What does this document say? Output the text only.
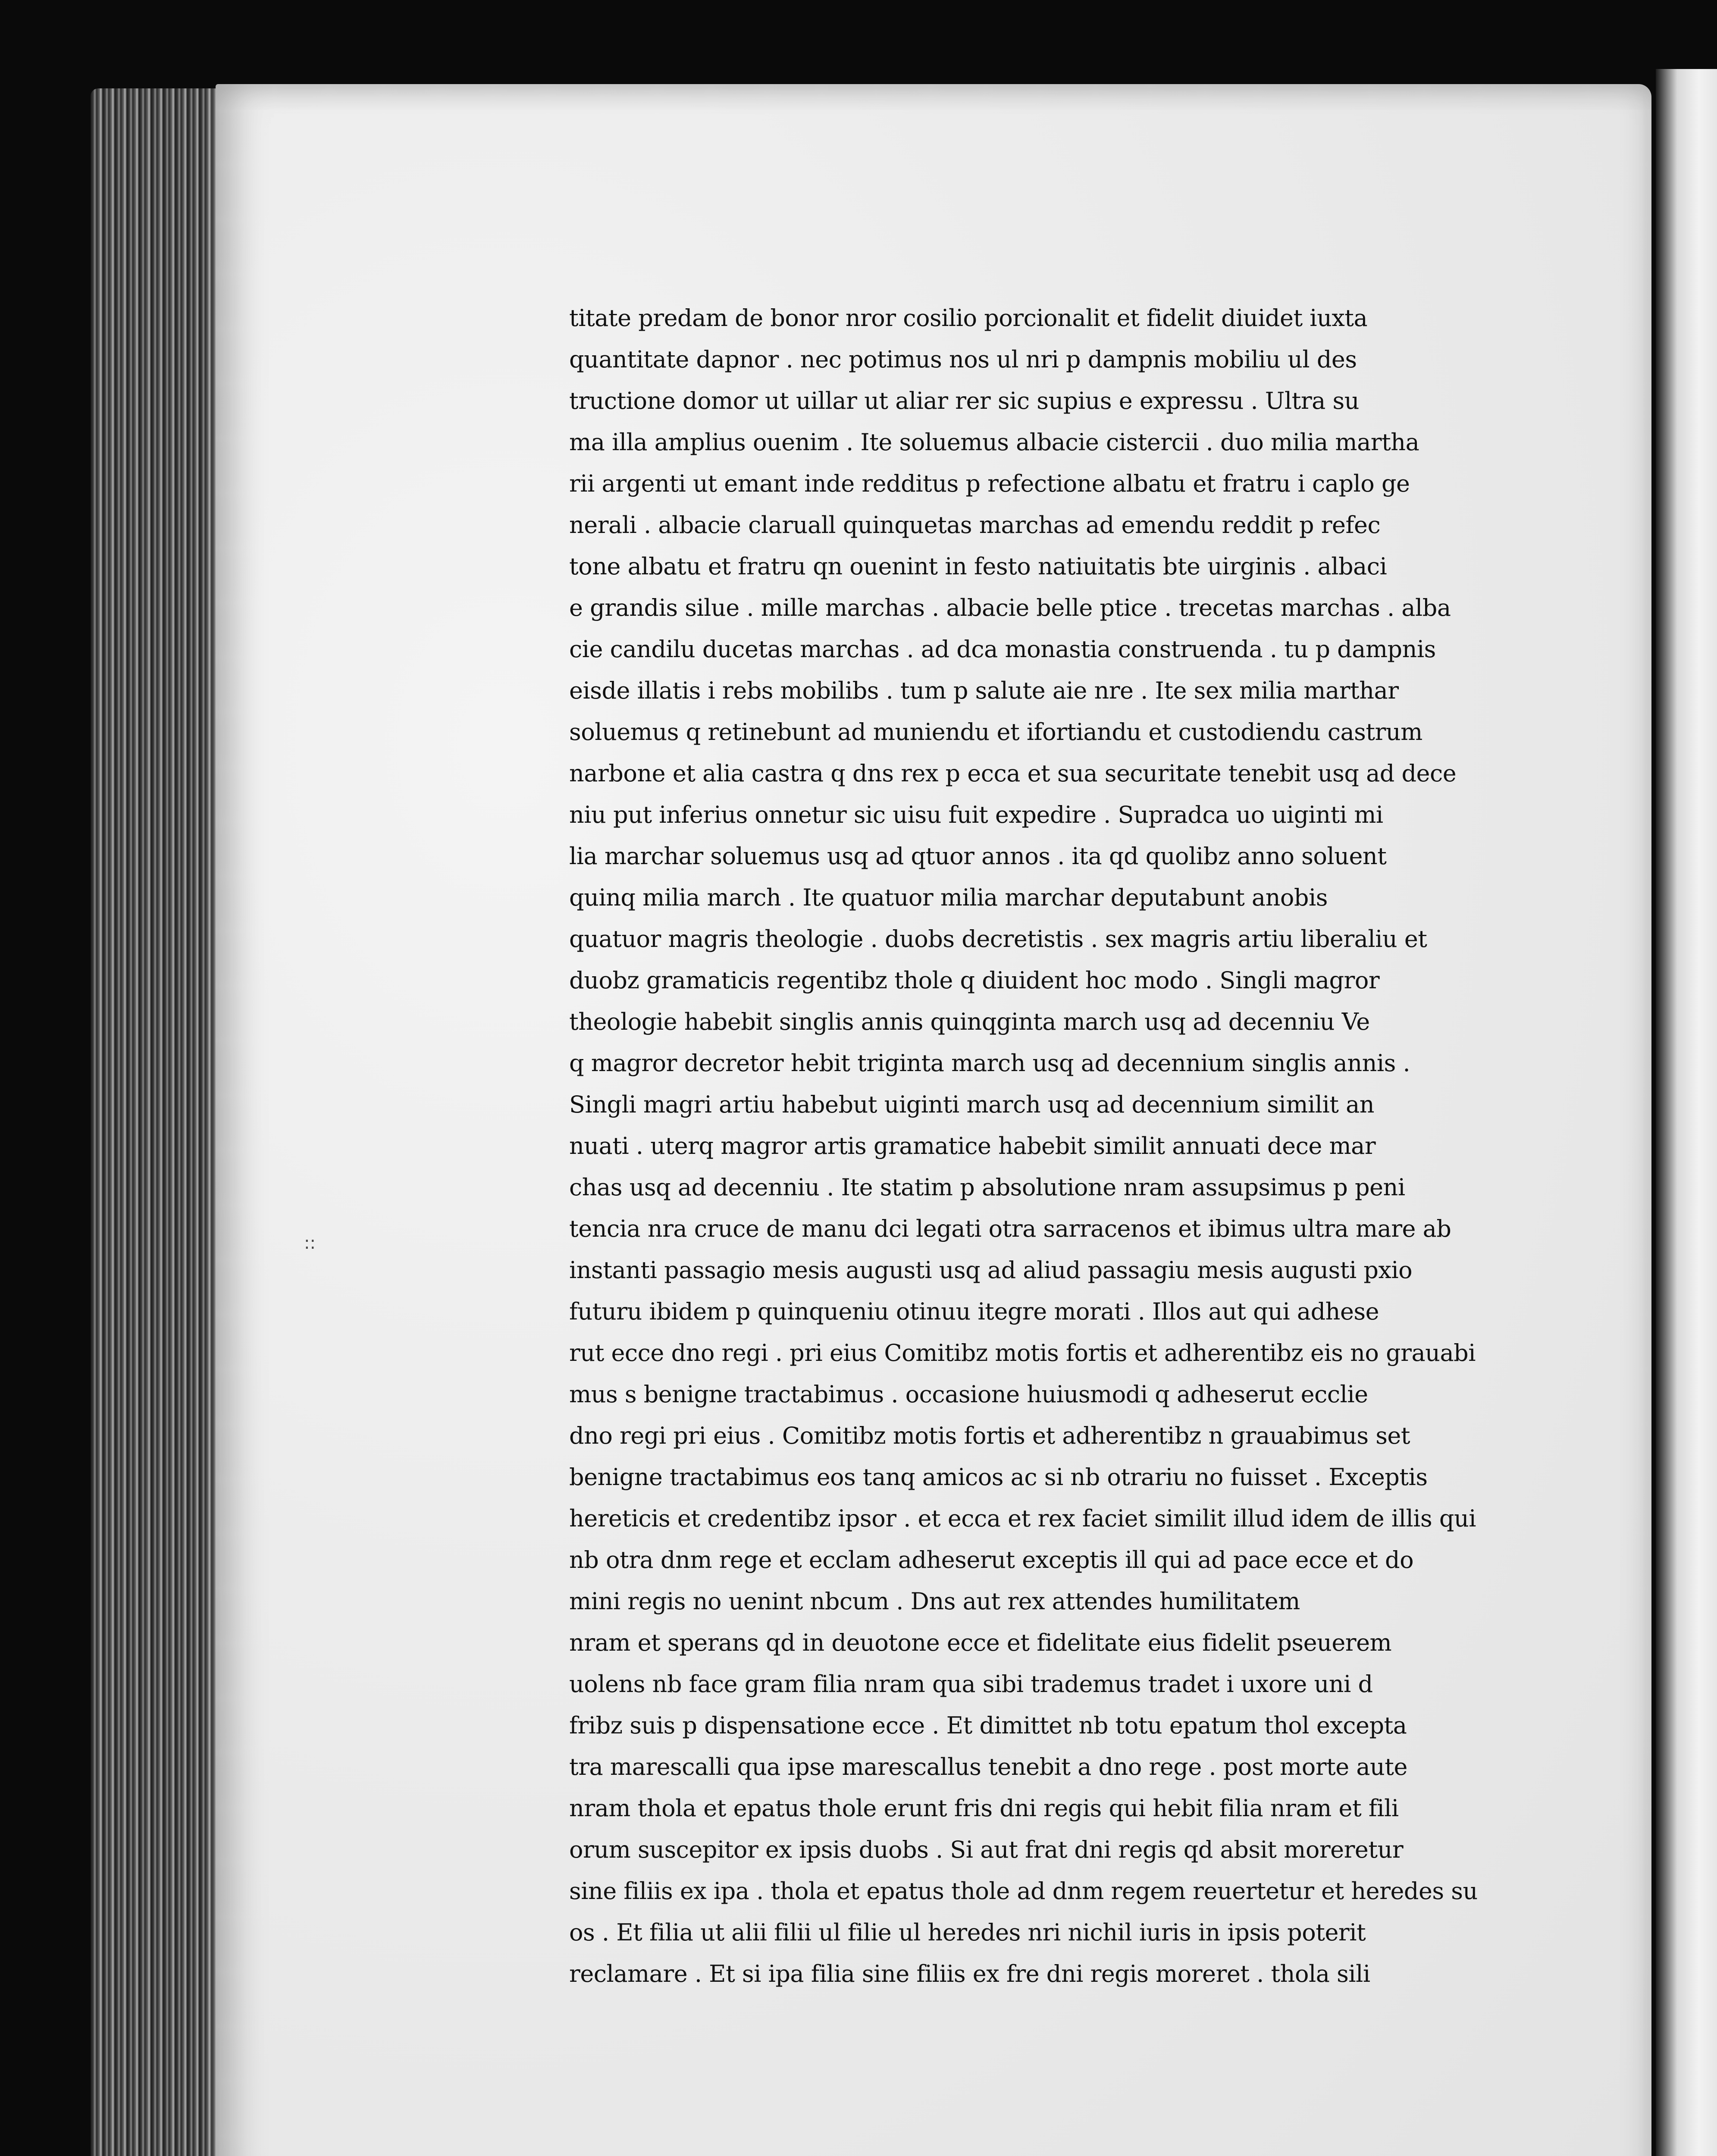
::
titate predam de bonor nror cosilio porcionalit et fidelit diuidet iuxta
quantitate dapnor . nec potimus nos ul nri p dampnis mobiliu ul des
tructione domor ut uillar ut aliar rer sic supius e expressu . Ultra su
ma illa amplius ouenim . Ite soluemus albacie cistercii . duo milia martha
rii argenti ut emant inde redditus p refectione albatu et fratru i caplo ge
nerali . albacie claruall quinquetas marchas ad emendu reddit p refec
tone albatu et fratru qn ouenint in festo natiuitatis bte uirginis . albaci
e grandis silue . mille marchas . albacie belle ptice . trecetas marchas . alba
cie candilu ducetas marchas . ad dca monastia construenda . tu p dampnis
eisde illatis i rebs mobilibs . tum p salute aie nre . Ite sex milia marthar
soluemus q retinebunt ad muniendu et ifortiandu et custodiendu castrum
narbone et alia castra q dns rex p ecca et sua securitate tenebit usq ad dece
niu put inferius onnetur sic uisu fuit expedire . Supradca uo uiginti mi
lia marchar soluemus usq ad qtuor annos . ita qd quolibz anno soluent
quinq milia march . Ite quatuor milia marchar deputabunt anobis
quatuor magris theologie . duobs decretistis . sex magris artiu liberaliu et
duobz gramaticis regentibz thole q diuident hoc modo . Singli magror
theologie habebit singlis annis quinqginta march usq ad decenniu Ve
q magror decretor hebit triginta march usq ad decennium singlis annis .
Singli magri artiu habebut uiginti march usq ad decennium similit an
nuati . uterq magror artis gramatice habebit similit annuati dece mar
chas usq ad decenniu . Ite statim p absolutione nram assupsimus p peni
tencia nra cruce de manu dci legati otra sarracenos et ibimus ultra mare ab
instanti passagio mesis augusti usq ad aliud passagiu mesis augusti pxio
futuru ibidem p quinqueniu otinuu itegre morati . Illos aut qui adhese
rut ecce dno regi . pri eius Comitibz motis fortis et adherentibz eis no grauabi
mus s benigne tractabimus . occasione huiusmodi q adheserut ecclie
dno regi pri eius . Comitibz motis fortis et adherentibz n grauabimus set
benigne tractabimus eos tanq amicos ac si nb otrariu no fuisset . Exceptis
hereticis et credentibz ipsor . et ecca et rex faciet similit illud idem de illis qui
nb otra dnm rege et ecclam adheserut exceptis ill qui ad pace ecce et do
mini regis no uenint nbcum . Dns aut rex attendes humilitatem
nram et sperans qd in deuotone ecce et fidelitate eius fidelit pseuerem
uolens nb face gram filia nram qua sibi trademus tradet i uxore uni d
fribz suis p dispensatione ecce . Et dimittet nb totu epatum thol excepta
tra marescalli qua ipse marescallus tenebit a dno rege . post morte aute
nram thola et epatus thole erunt fris dni regis qui hebit filia nram et fili
orum suscepitor ex ipsis duobs . Si aut frat dni regis qd absit moreretur
sine filiis ex ipa . thola et epatus thole ad dnm regem reuertetur et heredes su
os . Et filia ut alii filii ul filie ul heredes nri nichil iuris in ipsis poterit
reclamare . Et si ipa filia sine filiis ex fre dni regis moreret . thola sili
